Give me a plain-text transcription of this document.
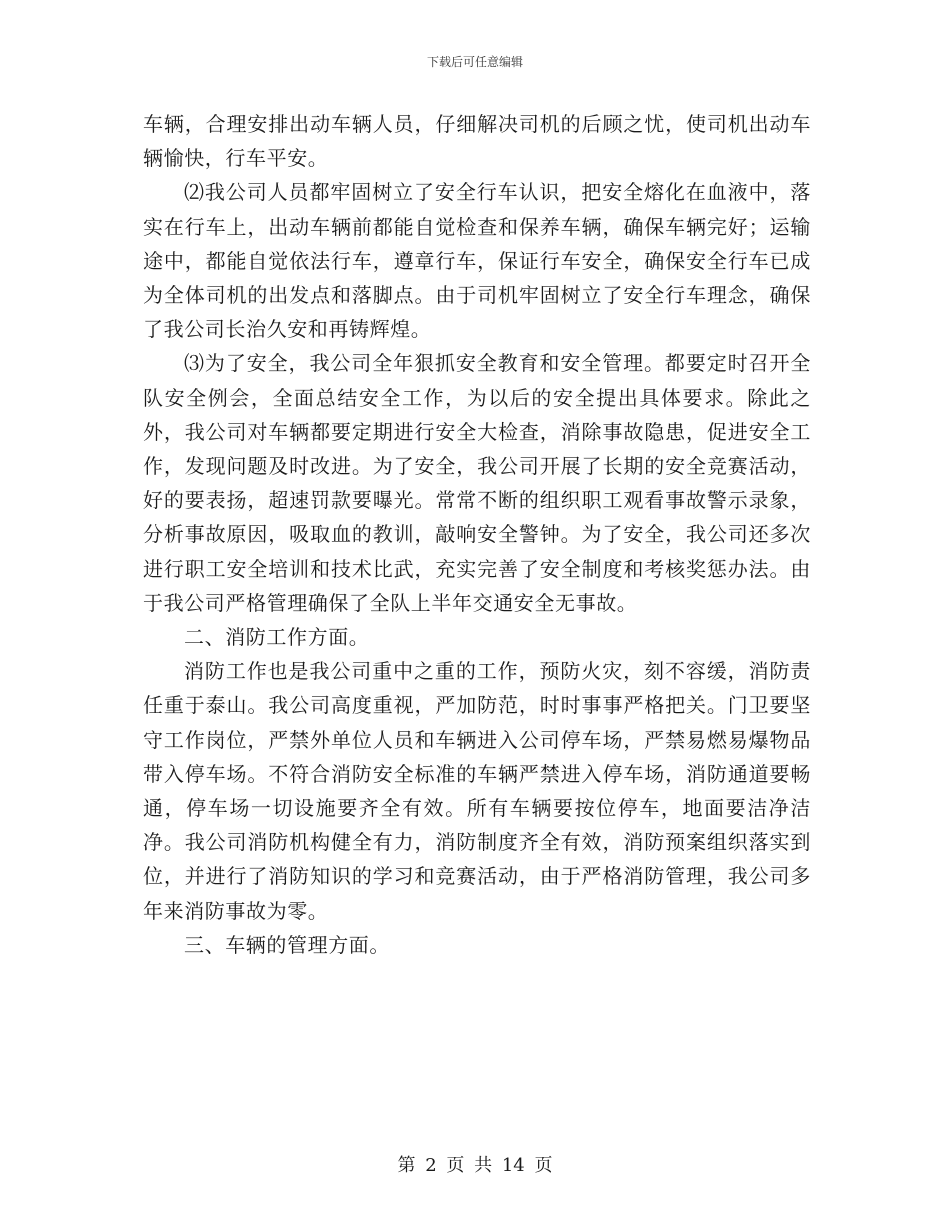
下载后可任意编辑

车辆，合理安排出动车辆人员，仔细解决司机的后顾之忧，使司机出动车辆愉快，行车平安。

⑵我公司人员都牢固树立了安全行车认识，把安全熔化在血液中，落实在行车上，出动车辆前都能自觉检查和保养车辆，确保车辆完好；运输途中，都能自觉依法行车，遵章行车，保证行车安全，确保安全行车已成为全体司机的出发点和落脚点。由于司机牢固树立了安全行车理念，确保了我公司长治久安和再铸辉煌。

⑶为了安全，我公司全年狠抓安全教育和安全管理。都要定时召开全队安全例会，全面总结安全工作，为以后的安全提出具体要求。除此之外，我公司对车辆都要定期进行安全大检查，消除事故隐患，促进安全工作，发现问题及时改进。为了安全，我公司开展了长期的安全竞赛活动，好的要表扬，超速罚款要曝光。常常不断的组织职工观看事故警示录象，分析事故原因，吸取血的教训，敲响安全警钟。为了安全，我公司还多次进行职工安全培训和技术比武，充实完善了安全制度和考核奖惩办法。由于我公司严格管理确保了全队上半年交通安全无事故。

二、消防工作方面。

消防工作也是我公司重中之重的工作，预防火灾，刻不容缓，消防责任重于泰山。我公司高度重视，严加防范，时时事事严格把关。门卫要坚守工作岗位，严禁外单位人员和车辆进入公司停车场，严禁易燃易爆物品带入停车场。不符合消防安全标准的车辆严禁进入停车场，消防通道要畅通，停车场一切设施要齐全有效。所有车辆要按位停车，地面要洁净洁净。我公司消防机构健全有力，消防制度齐全有效，消防预案组织落实到位，并进行了消防知识的学习和竞赛活动，由于严格消防管理，我公司多年来消防事故为零。

三、车辆的管理方面。

第 2 页 共 14 页
